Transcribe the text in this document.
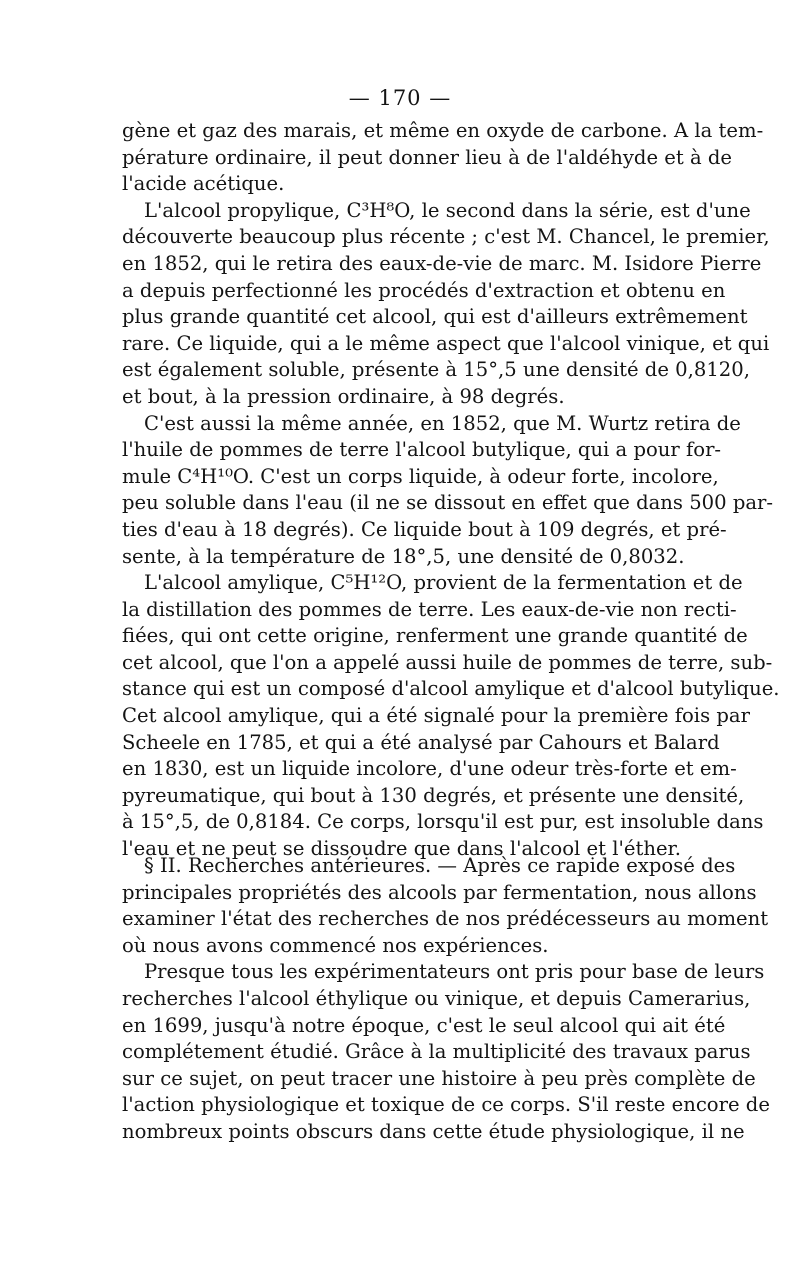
— 170 —
gène et gaz des marais, et même en oxyde de carbone. A la tem-
pérature ordinaire, il peut donner lieu à de l'aldéhyde et à de
l'acide acétique.
L'alcool propylique, C³H⁸O, le second dans la série, est d'une
découverte beaucoup plus récente ; c'est M. Chancel, le premier,
en 1852, qui le retira des eaux-de-vie de marc. M. Isidore Pierre
a depuis perfectionné les procédés d'extraction et obtenu en
plus grande quantité cet alcool, qui est d'ailleurs extrêmement
rare. Ce liquide, qui a le même aspect que l'alcool vinique, et qui
est également soluble, présente à 15°,5 une densité de 0,8120,
et bout, à la pression ordinaire, à 98 degrés.
C'est aussi la même année, en 1852, que M. Wurtz retira de
l'huile de pommes de terre l'alcool butylique, qui a pour for-
mule C⁴H¹⁰O. C'est un corps liquide, à odeur forte, incolore,
peu soluble dans l'eau (il ne se dissout en effet que dans 500 par-
ties d'eau à 18 degrés). Ce liquide bout à 109 degrés, et pré-
sente, à la température de 18°,5, une densité de 0,8032.
L'alcool amylique, C⁵H¹²O, provient de la fermentation et de
la distillation des pommes de terre. Les eaux-de-vie non recti-
fiées, qui ont cette origine, renferment une grande quantité de
cet alcool, que l'on a appelé aussi huile de pommes de terre, sub-
stance qui est un composé d'alcool amylique et d'alcool butylique.
Cet alcool amylique, qui a été signalé pour la première fois par
Scheele en 1785, et qui a été analysé par Cahours et Balard
en 1830, est un liquide incolore, d'une odeur très-forte et em-
pyreumatique, qui bout à 130 degrés, et présente une densité,
à 15°,5, de 0,8184. Ce corps, lorsqu'il est pur, est insoluble dans
l'eau et ne peut se dissoudre que dans l'alcool et l'éther.
§ II. Recherches antérieures. — Après ce rapide exposé des
principales propriétés des alcools par fermentation, nous allons
examiner l'état des recherches de nos prédécesseurs au moment
où nous avons commencé nos expériences.
Presque tous les expérimentateurs ont pris pour base de leurs
recherches l'alcool éthylique ou vinique, et depuis Camerarius,
en 1699, jusqu'à notre époque, c'est le seul alcool qui ait été
complétement étudié. Grâce à la multiplicité des travaux parus
sur ce sujet, on peut tracer une histoire à peu près complète de
l'action physiologique et toxique de ce corps. S'il reste encore de
nombreux points obscurs dans cette étude physiologique, il ne
